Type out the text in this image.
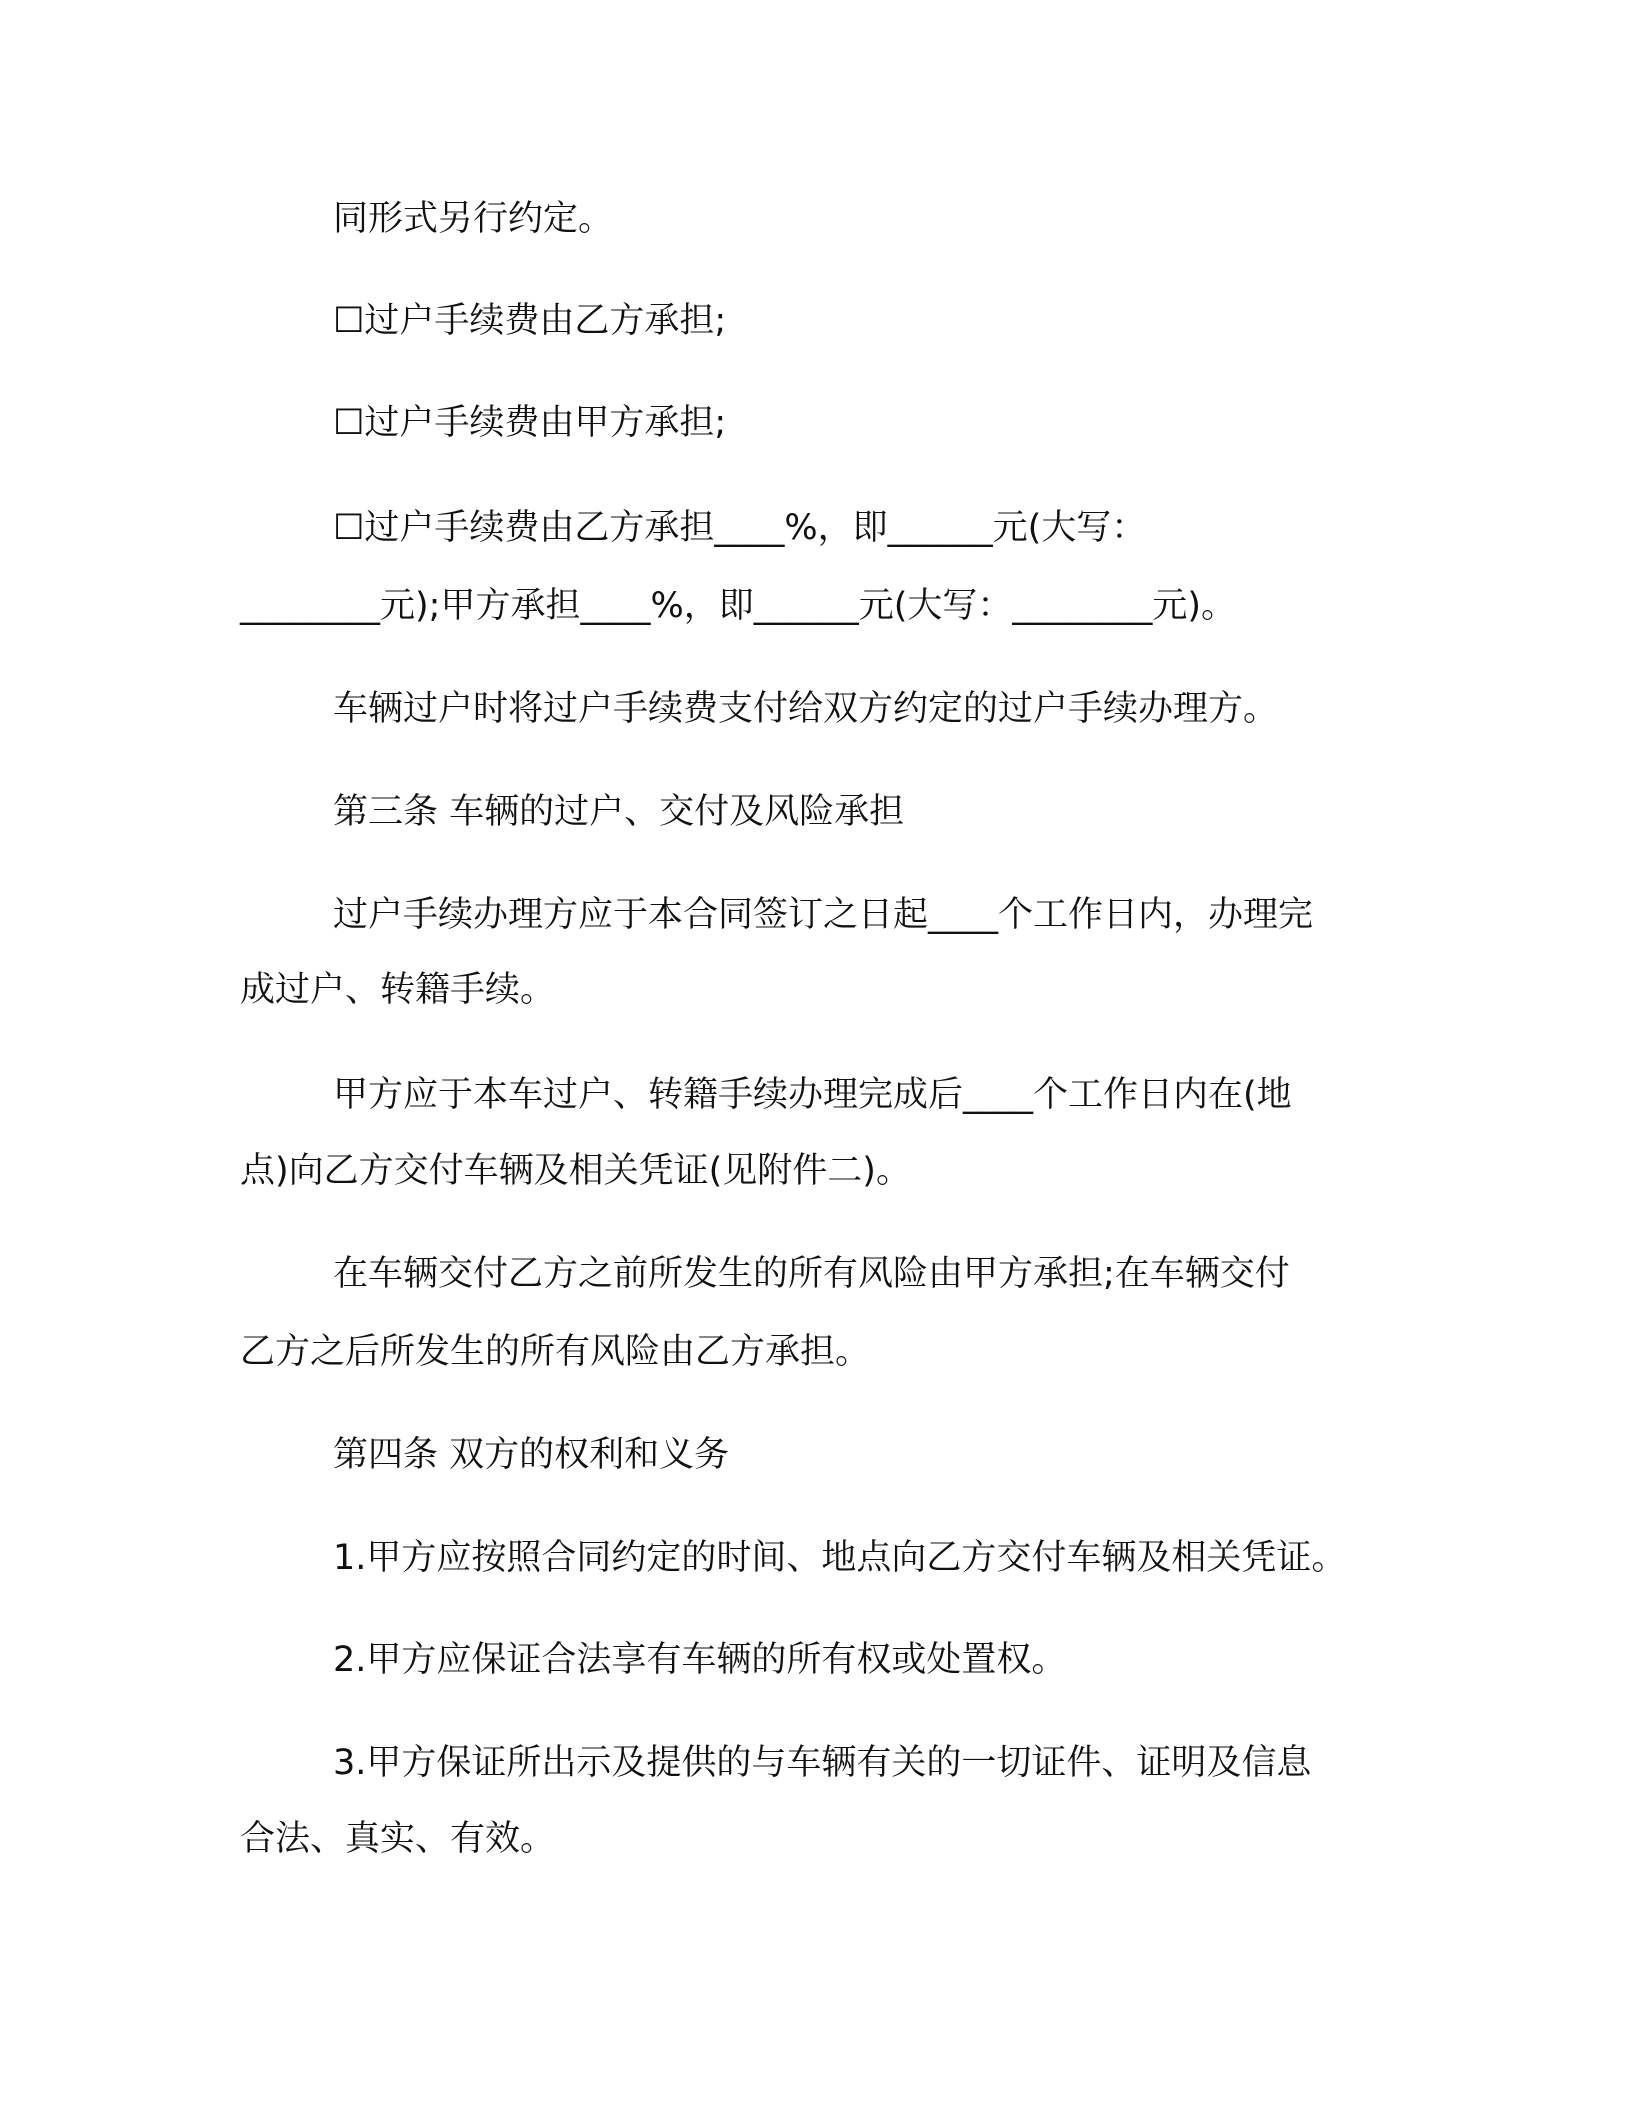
同形式另行约定。
☐过户手续费由乙方承担;
☐过户手续费由甲方承担;
☐过户手续费由乙方承担____%，即______元(大写：
________元);甲方承担____%，即______元(大写：________元)。
车辆过户时将过户手续费支付给双方约定的过户手续办理方。
第三条 车辆的过户、交付及风险承担
过户手续办理方应于本合同签订之日起____个工作日内，办理完
成过户、转籍手续。
甲方应于本车过户、转籍手续办理完成后____个工作日内在(地
点)向乙方交付车辆及相关凭证(见附件二)。
在车辆交付乙方之前所发生的所有风险由甲方承担;在车辆交付
乙方之后所发生的所有风险由乙方承担。
第四条 双方的权利和义务
1.甲方应按照合同约定的时间、地点向乙方交付车辆及相关凭证。
2.甲方应保证合法享有车辆的所有权或处置权。
3.甲方保证所出示及提供的与车辆有关的一切证件、证明及信息
合法、真实、有效。
